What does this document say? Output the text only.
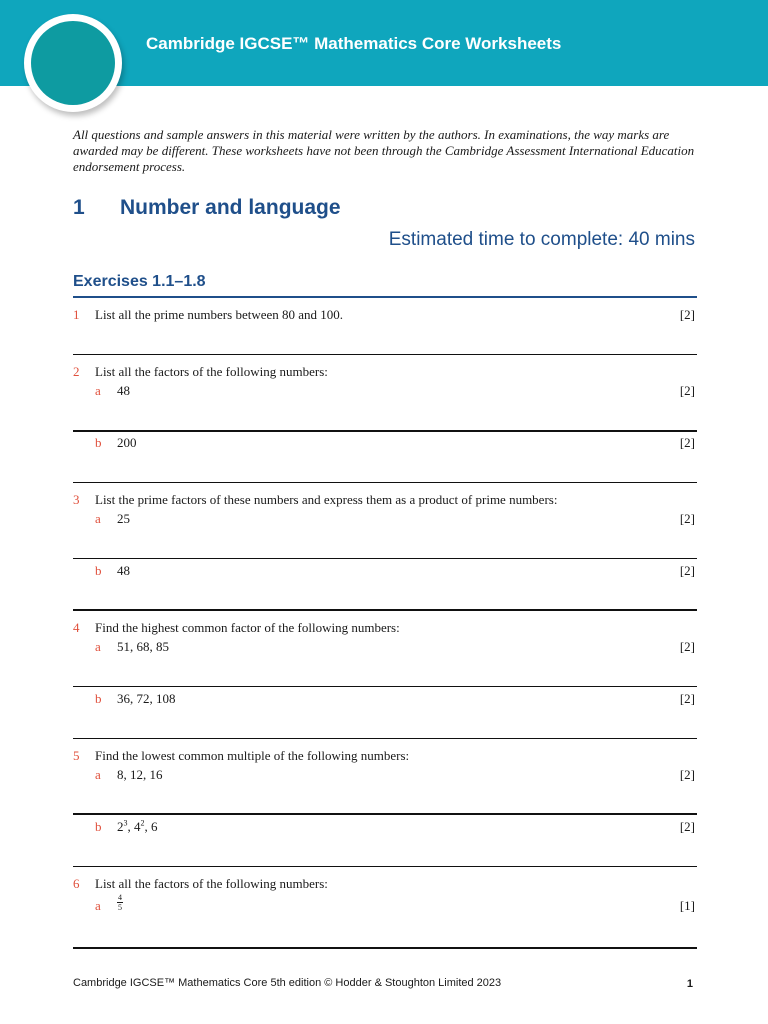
Cambridge IGCSE™ Mathematics Core Worksheets
All questions and sample answers in this material were written by the authors. In examinations, the way marks are awarded may be different. These worksheets have not been through the Cambridge Assessment International Education endorsement process.
1 Number and language
Estimated time to complete: 40 mins
Exercises 1.1–1.8
1 List all the prime numbers between 80 and 100.	[2]
2 List all the factors of the following numbers:
a 48	[2]
b 200	[2]
3 List the prime factors of these numbers and express them as a product of prime numbers:
a 25	[2]
b 48	[2]
4 Find the highest common factor of the following numbers:
a 51, 68, 85	[2]
b 36, 72, 108	[2]
5 Find the lowest common multiple of the following numbers:
a 8, 12, 16	[2]
b $2^3$, $4^2$, 6	[2]
6 List all the factors of the following numbers:
a
4
5	[1]
Cambridge IGCSE™ Mathematics Core 5th edition © Hodder & Stoughton Limited 2023	1
